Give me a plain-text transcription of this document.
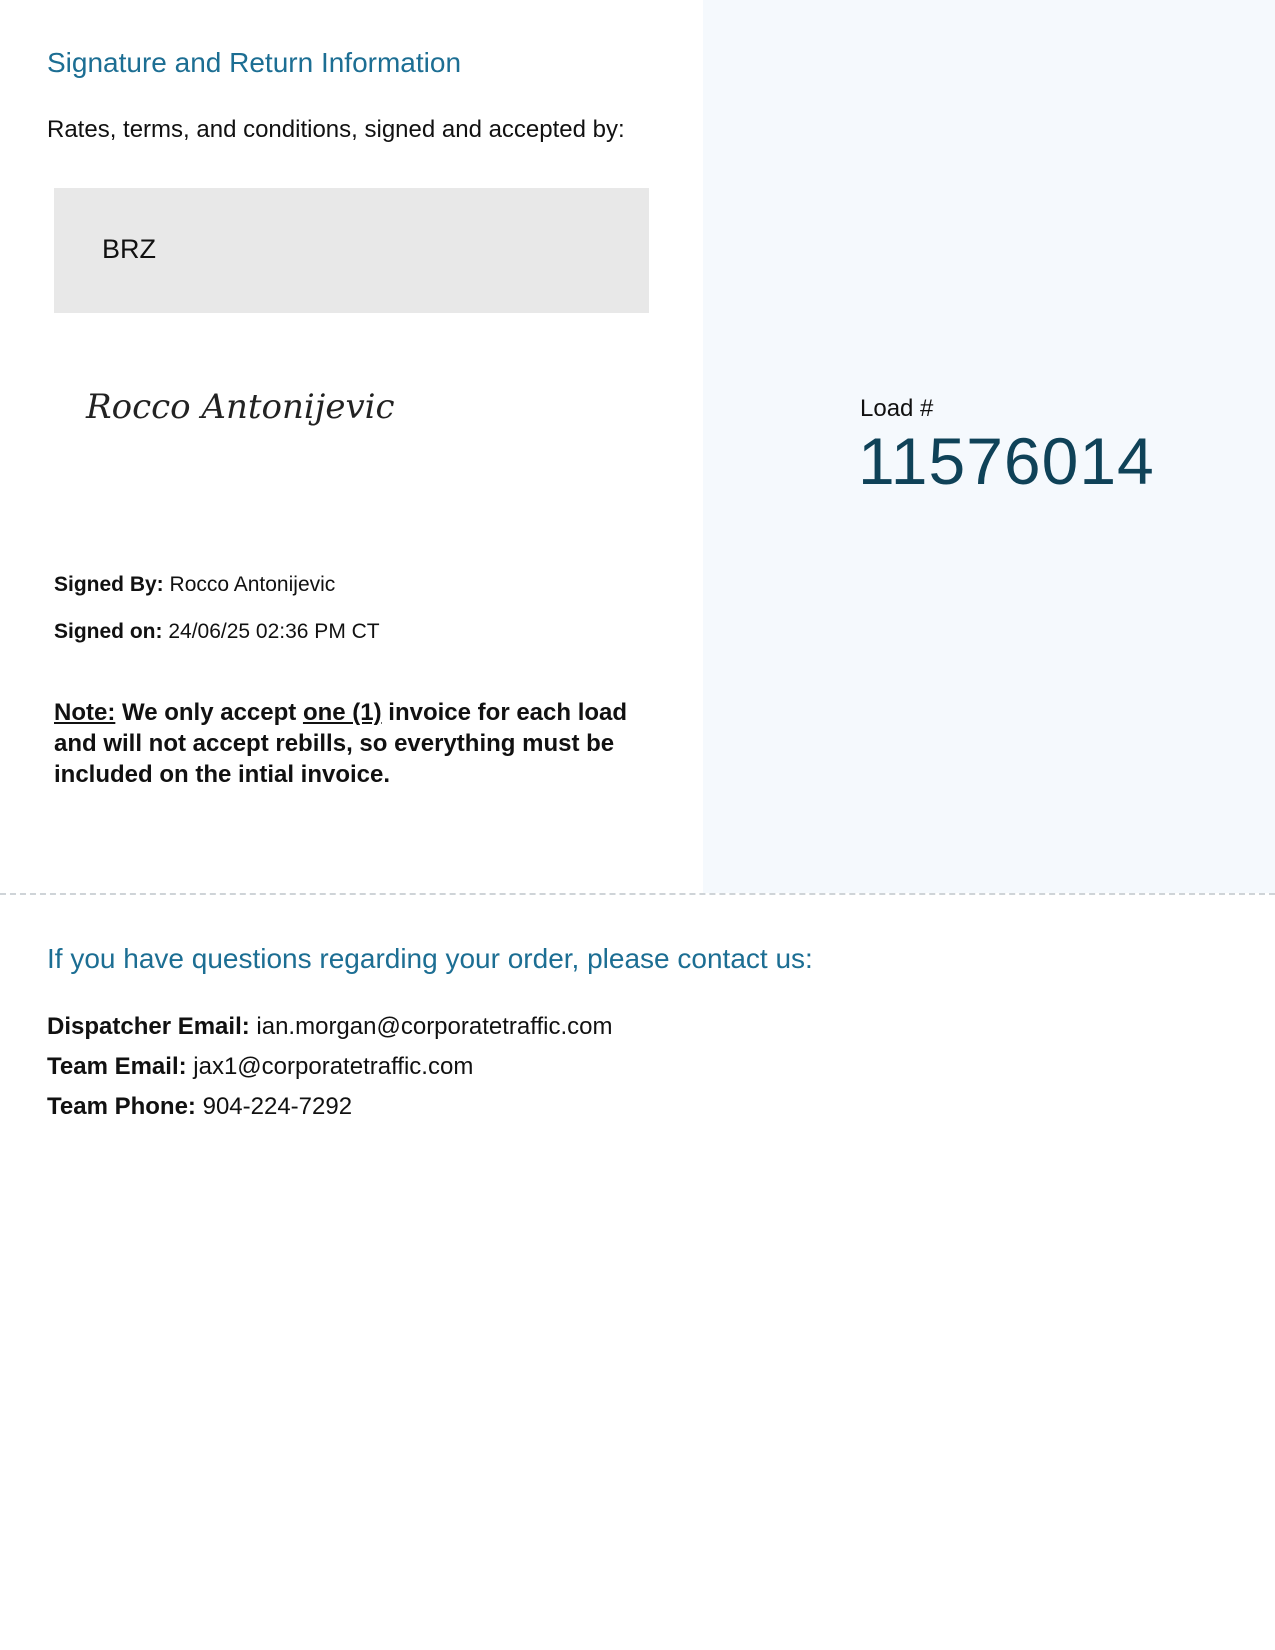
Signature and Return Information

Rates, terms, and conditions, signed and accepted by:

BRZ
Rocco Antonijevic

Signed By: Rocco Antonijevic

Signed on: 24/06/25 02:36 PM CT

Note: We only accept one (1) invoice for each load and will not accept rebills, so everything must be included on the intial invoice.

Load #
11576014
If you have questions regarding your order, please contact us:

Dispatcher Email: ian.morgan@corporatetraffic.com

Team Email: jax1@corporatetraffic.com

Team Phone: 904-224-7292
